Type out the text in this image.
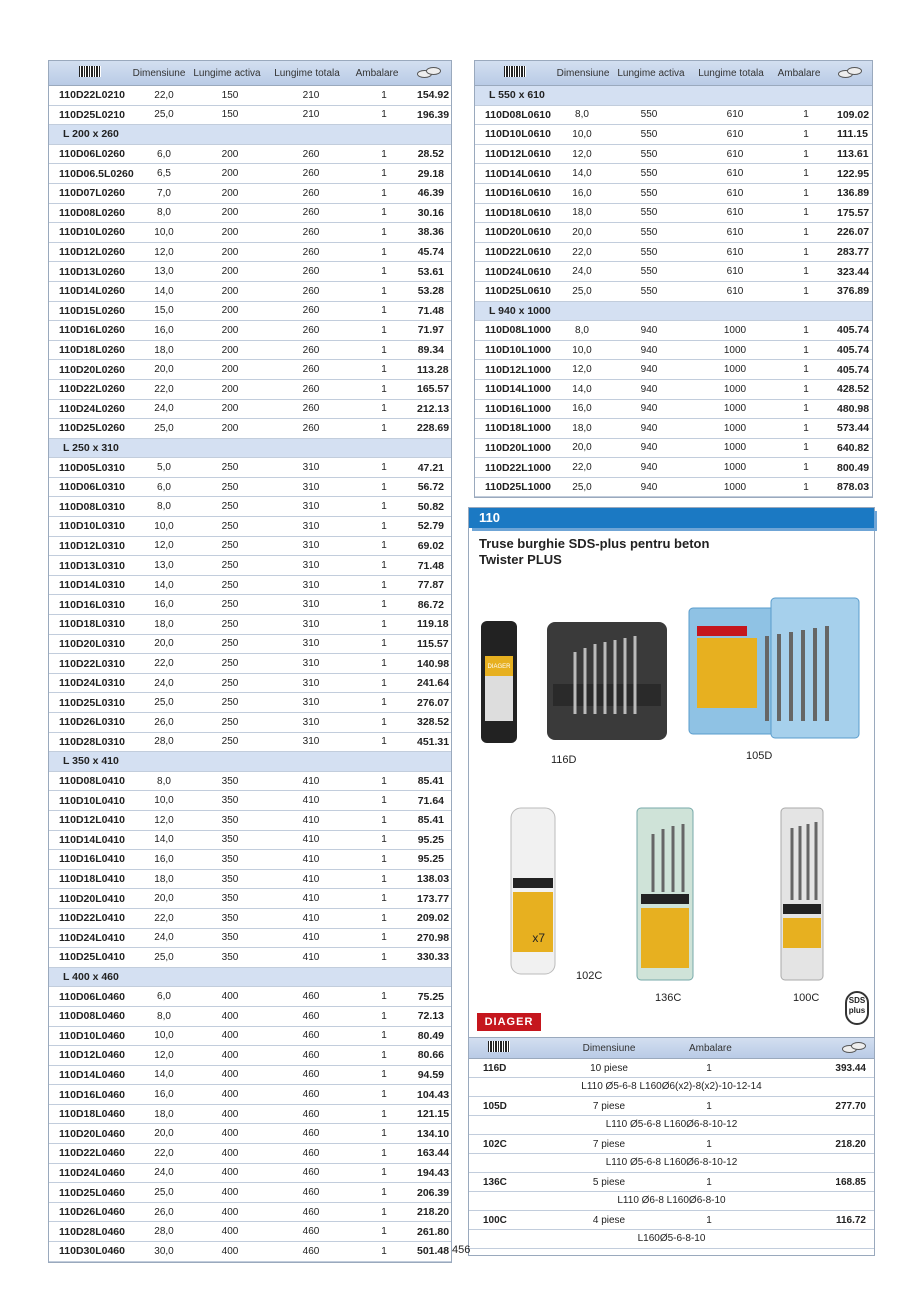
Dimensiune Lungime activa	Lungime totala	Ambalare
110D22L0210	22,0	150	210	1	154.92
110D25L0210	25,0	150	210	1	196.39
L 200 x 260
110D06L0260	6,0	200	260	1	28.52
110D06.5L0260	6,5	200	260	1	29.18
110D07L0260	7,0	200	260	1	46.39
110D08L0260	8,0	200	260	1	30.16
110D10L0260	10,0	200	260	1	38.36
110D12L0260	12,0	200	260	1	45.74
110D13L0260	13,0	200	260	1	53.61
110D14L0260	14,0	200	260	1	53.28
110D15L0260	15,0	200	260	1	71.48
110D16L0260	16,0	200	260	1	71.97
110D18L0260	18,0	200	260	1	89.34
110D20L0260	20,0	200	260	1	113.28
110D22L0260	22,0	200	260	1	165.57
110D24L0260	24,0	200	260	1	212.13
110D25L0260	25,0	200	260	1	228.69
L 250 x 310
110D05L0310	5,0	250	310	1	47.21
110D06L0310	6,0	250	310	1	56.72
110D08L0310	8,0	250	310	1	50.82
110D10L0310	10,0	250	310	1	52.79
110D12L0310	12,0	250	310	1	69.02
110D13L0310	13,0	250	310	1	71.48
110D14L0310	14,0	250	310	1	77.87
110D16L0310	16,0	250	310	1	86.72
110D18L0310	18,0	250	310	1	119.18
110D20L0310	20,0	250	310	1	115.57
110D22L0310	22,0	250	310	1	140.98
110D24L0310	24,0	250	310	1	241.64
110D25L0310	25,0	250	310	1	276.07
110D26L0310	26,0	250	310	1	328.52
110D28L0310	28,0	250	310	1	451.31
L 350 x 410
110D08L0410	8,0	350	410	1	85.41
110D10L0410	10,0	350	410	1	71.64
110D12L0410	12,0	350	410	1	85.41
110D14L0410	14,0	350	410	1	95.25
110D16L0410	16,0	350	410	1	95.25
110D18L0410	18,0	350	410	1	138.03
110D20L0410	20,0	350	410	1	173.77
110D22L0410	22,0	350	410	1	209.02
110D24L0410	24,0	350	410	1	270.98
110D25L0410	25,0	350	410	1	330.33
L 400 x 460
110D06L0460	6,0	400	460	1	75.25
110D08L0460	8,0	400	460	1	72.13
110D10L0460	10,0	400	460	1	80.49
110D12L0460	12,0	400	460	1	80.66
110D14L0460	14,0	400	460	1	94.59
110D16L0460	16,0	400	460	1	104.43
110D18L0460	18,0	400	460	1	121.15
110D20L0460	20,0	400	460	1	134.10
110D22L0460	22,0	400	460	1	163.44
110D24L0460	24,0	400	460	1	194.43
110D25L0460	25,0	400	460	1	206.39
110D26L0460	26,0	400	460	1	218.20
110D28L0460	28,0	400	460	1	261.80
110D30L0460	30,0	400	460	1	501.48
Dimensiune Lungime activa	Lungime totala	Ambalare
L 550 x 610
110D08L0610	8,0	550	610	1	109.02
110D10L0610	10,0	550	610	1	111.15
110D12L0610	12,0	550	610	1	113.61
110D14L0610	14,0	550	610	1	122.95
110D16L0610	16,0	550	610	1	136.89
110D18L0610	18,0	550	610	1	175.57
110D20L0610	20,0	550	610	1	226.07
110D22L0610	22,0	550	610	1	283.77
110D24L0610	24,0	550	610	1	323.44
110D25L0610	25,0	550	610	1	376.89
L 940 x 1000
110D08L1000	8,0	940	1000	1	405.74
110D10L1000	10,0	940	1000	1	405.74
110D12L1000	12,0	940	1000	1	405.74
110D14L1000	14,0	940	1000	1	428.52
110D16L1000	16,0	940	1000	1	480.98
110D18L1000	18,0	940	1000	1	573.44
110D20L1000	20,0	940	1000	1	640.82
110D22L1000	22,0	940	1000	1	800.49
110D25L1000	25,0	940	1000	1	878.03
110
Truse burghie SDS-plus pentru beton
Twister PLUS
DIAGER
116D	105D
x7
102C
136C	100C
DIAGER
SDS
plus
Dimensiune	Ambalare
116D	10 piese	1	393.44
L110 Ø5-6-8 L160Ø6(x2)-8(x2)-10-12-14
105D	7 piese	1	277.70
L110 Ø5-6-8 L160Ø6-8-10-12
102C	7 piese	1	218.20
L110 Ø5-6-8 L160Ø6-8-10-12
136C	5 piese	1	168.85
L110 Ø6-8 L160Ø6-8-10
100C	4 piese	1	116.72
L160Ø5-6-8-10
456
